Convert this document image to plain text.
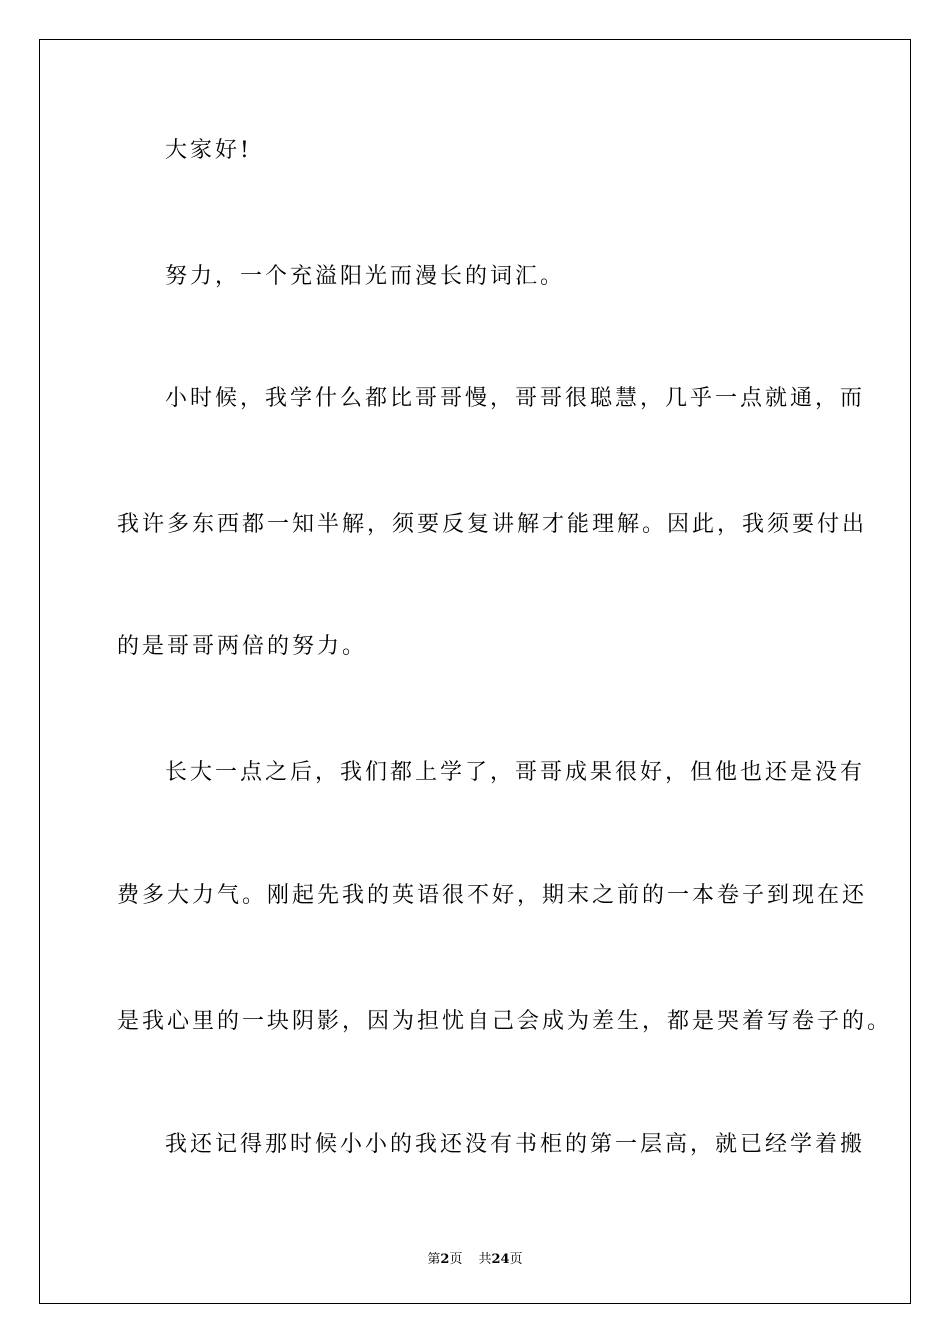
大家好!
努力，一个充溢阳光而漫长的词汇。
小时候，我学什么都比哥哥慢，哥哥很聪慧，几乎一点就通，而
我许多东西都一知半解，须要反复讲解才能理解。因此，我须要付出
的是哥哥两倍的努力。
长大一点之后，我们都上学了，哥哥成果很好，但他也还是没有
费多大力气。刚起先我的英语很不好，期末之前的一本卷子到现在还
是我心里的一块阴影，因为担忧自己会成为差生，都是哭着写卷子的。
我还记得那时候小小的我还没有书柜的第一层高，就已经学着搬
第2页 共24页
